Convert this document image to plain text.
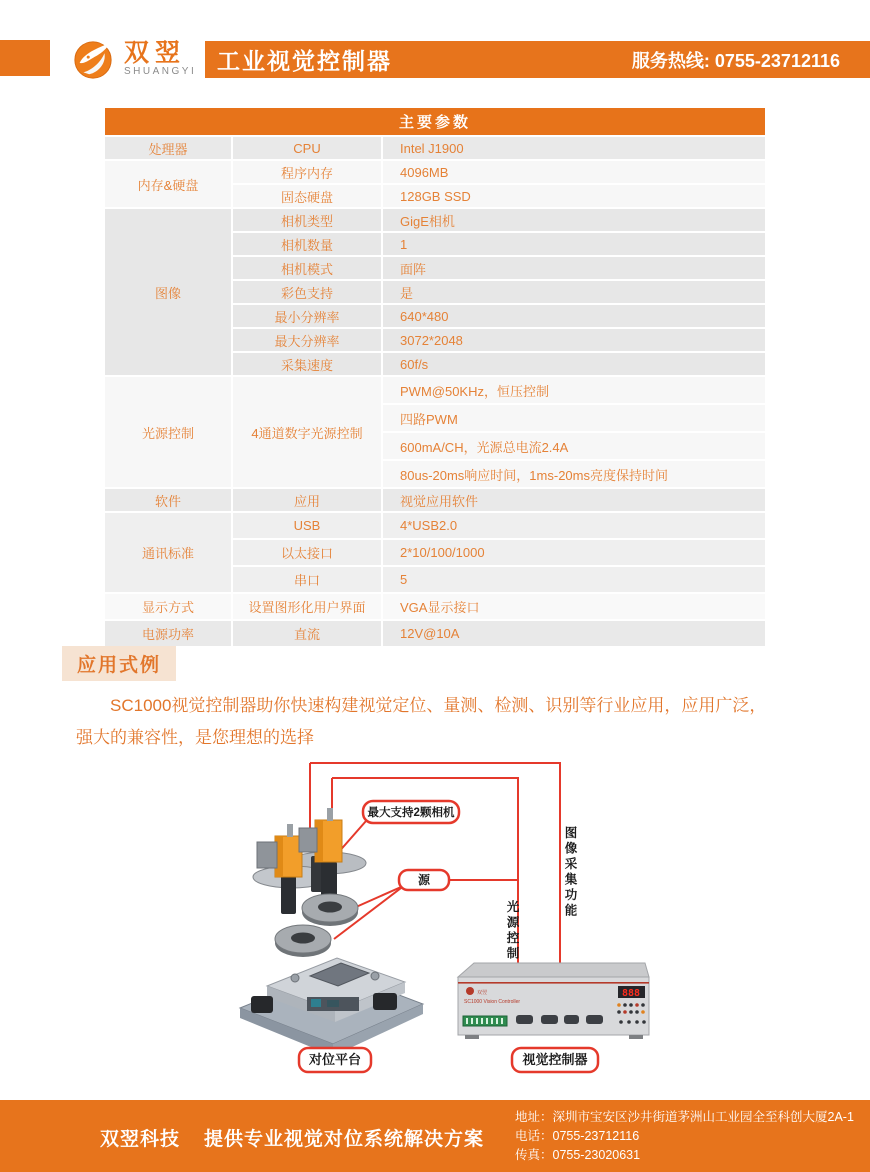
双翌
SHUANGYI 工业视觉控制器	服务热线: 0755-23712116
主要参数		
处理器	CPU	Intel J1900
内存&硬盘	程序内存	4096MB
	固态硬盘	128GB SSD
图像	相机类型	GigE相机
	相机数量	1
	相机模式	面阵
	彩色支持	是
	最小分辨率	640*480
	最大分辨率	3072*2048
	采集速度	60f/s
光源控制	4通道数字光源控制	PWM@50KHz，恒压控制
		四路PWM
		600mA/CH，光源总电流2.4A
		80us-20ms响应时间，1ms-20ms亮度保持时间
软件	应用	视觉应用软件
通讯标准	USB	4*USB2.0
	以太接口	2*10/100/1000
	串口	5
显示方式	设置图形化用户界面	VGA显示接口
电源功率	直流	12V@10A
应用式例
SC1000视觉控制器助你快速构建视觉定位、量测、检测、识别等行业应用，应用广泛，
强大的兼容性，是您理想的选择
双翌
SC1000 Vision Controller
888
最大支持2颗相机
源
对位平台	视觉控制器
图像采集功能
光源控制
双翌科技 提供专业视觉对位系统解决方案
地址：深圳市宝安区沙井街道茅洲山工业园全至科创大厦2A-1
电话：0755-23712116
传真：0755-23020631
